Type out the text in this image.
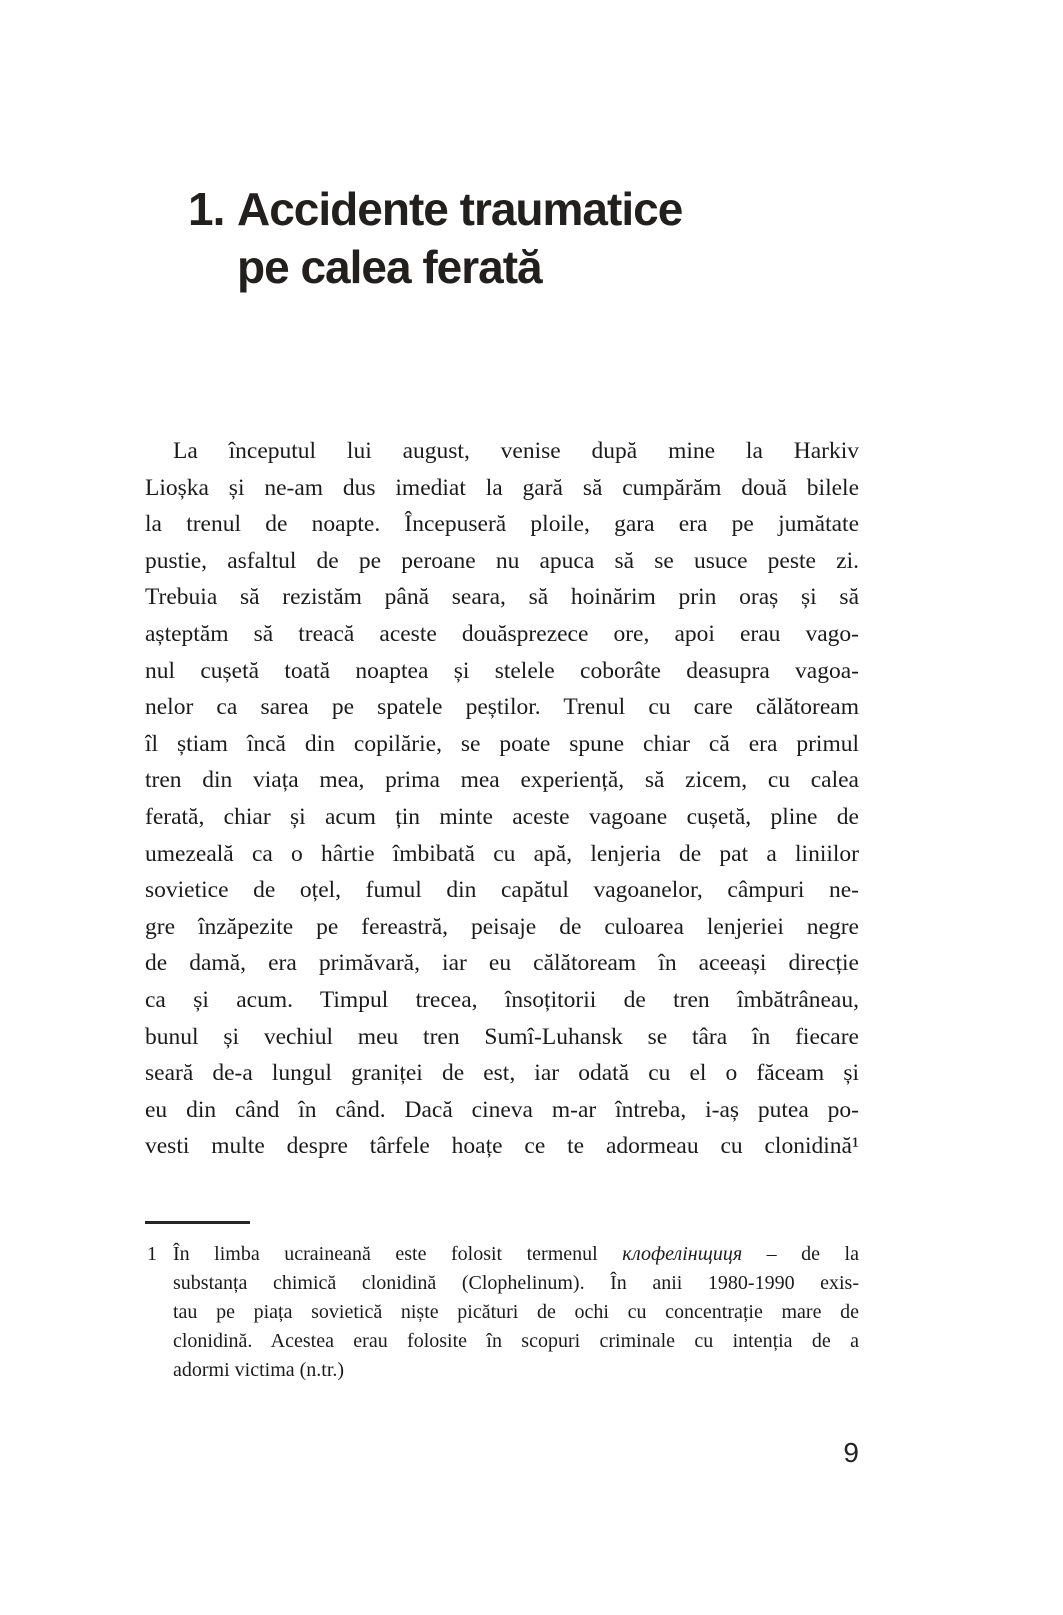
1. Accidente traumatice
pe calea ferată
La începutul lui august, venise după mine la Harkiv
Lioșka și ne-am dus imediat la gară să cumpărăm două bilele
la trenul de noapte. Începuseră ploile, gara era pe jumătate
pustie, asfaltul de pe peroane nu apuca să se usuce peste zi.
Trebuia să rezistăm până seara, să hoinărim prin oraș și să
așteptăm să treacă aceste douăsprezece ore, apoi erau vago-
nul cușetă toată noaptea și stelele coborâte deasupra vagoa-
nelor ca sarea pe spatele peștilor. Trenul cu care călătoream
îl știam încă din copilărie, se poate spune chiar că era primul
tren din viața mea, prima mea experiență, să zicem, cu calea
ferată, chiar și acum țin minte aceste vagoane cușetă, pline de
umezeală ca o hârtie îmbibată cu apă, lenjeria de pat a liniilor
sovietice de oțel, fumul din capătul vagoanelor, câmpuri ne-
gre înzăpezite pe fereastră, peisaje de culoarea lenjeriei negre
de damă, era primăvară, iar eu călătoream în aceeași direcție
ca și acum. Timpul trecea, însoțitorii de tren îmbătrâneau,
bunul și vechiul meu tren Sumî-Luhansk se târa în fiecare
seară de-a lungul graniței de est, iar odată cu el o făceam și
eu din când în când. Dacă cineva m-ar întreba, i-aș putea po-
vesti multe despre târfele hoațe ce te adormeau cu clonidină¹
1 În limba ucraineană este folosit termenul клофелінщиця – de la
substanța chimică clonidină (Clophelinum). În anii 1980-1990 exis-
tau pe piața sovietică niște picături de ochi cu concentrație mare de
clonidină. Acestea erau folosite în scopuri criminale cu intenția de a
adormi victima (n.tr.)
9
